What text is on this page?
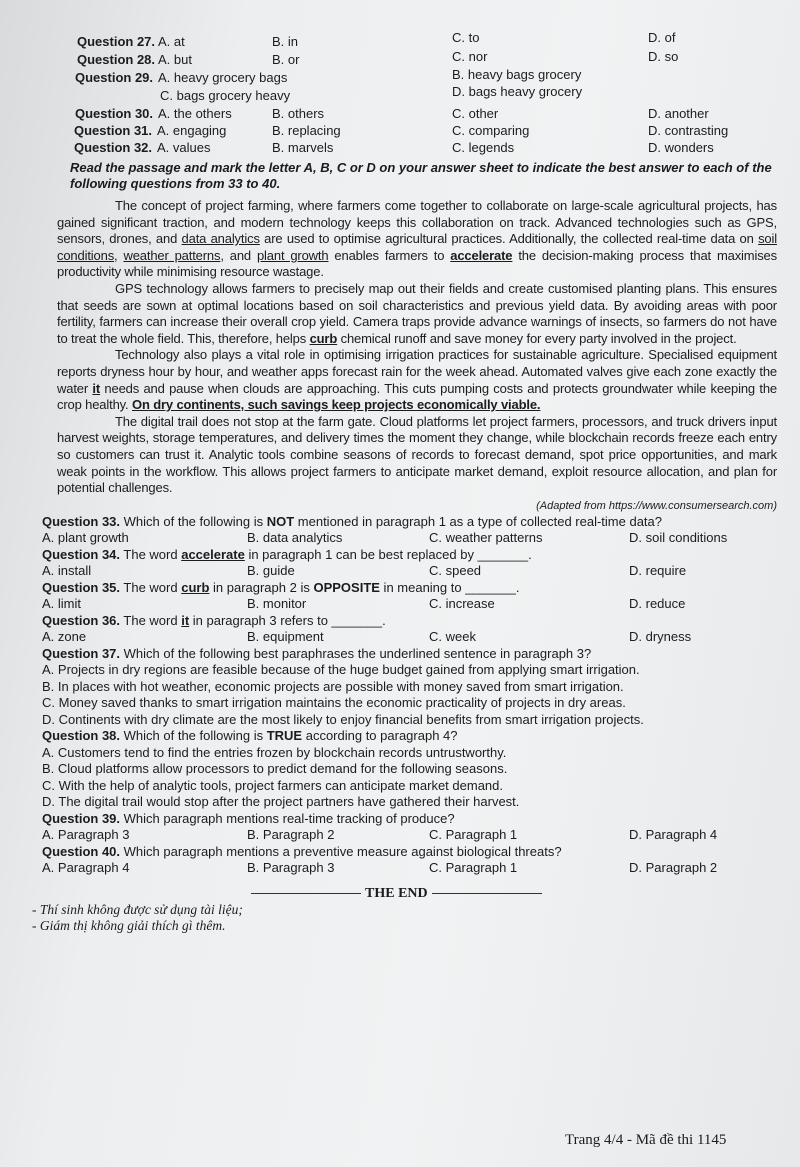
Question 27. A. at	B. in	C. to	D. of
Question 28. A. but	B. or	C. nor	D. so
Question 29. A. heavy grocery bags	B. heavy bags grocery
C. bags grocery heavy	D. bags heavy grocery
Question 30. A. the others	B. others	C. other	D. another
Question 31. A. engaging	B. replacing	C. comparing	D. contrasting
Question 32. A. values	B. marvels	C. legends	D. wonders
Read the passage and mark the letter A, B, C or D on your answer sheet to indicate the best answer to each of the following questions from 33 to 40.

The concept of project farming, where farmers come together to collaborate on large-scale agricultural projects, has gained significant traction, and modern technology keeps this collaboration on track. Advanced technologies such as GPS, sensors, drones, and data analytics are used to optimise agricultural practices. Additionally, the collected real-time data on soil conditions, weather patterns, and plant growth enables farmers to accelerate the decision-making process that maximises productivity while minimising resource wastage.

GPS technology allows farmers to precisely map out their fields and create customised planting plans. This ensures that seeds are sown at optimal locations based on soil characteristics and previous yield data. By avoiding areas with poor fertility, farmers can increase their overall crop yield. Camera traps provide advance warnings of insects, so farmers do not have to treat the whole field. This, therefore, helps curb chemical runoff and save money for every party involved in the project.

Technology also plays a vital role in optimising irrigation practices for sustainable agriculture. Specialised equipment reports dryness hour by hour, and weather apps forecast rain for the week ahead. Automated valves give each zone exactly the water it needs and pause when clouds are approaching. This cuts pumping costs and protects groundwater while keeping the crop healthy. On dry continents, such savings keep projects economically viable.

The digital trail does not stop at the farm gate. Cloud platforms let project farmers, processors, and truck drivers input harvest weights, storage temperatures, and delivery times the moment they change, while blockchain records freeze each entry so customers can trust it. Analytic tools combine seasons of records to forecast demand, spot price opportunities, and mark weak points in the workflow. This allows project farmers to anticipate market demand, exploit resource allocation, and plan for potential challenges.

(Adapted from https://www.consumersearch.com)
Question 33. Which of the following is NOT mentioned in paragraph 1 as a type of collected real-time data?
A. plant growth	B. data analytics	C. weather patterns	D. soil conditions
Question 34. The word accelerate in paragraph 1 can be best replaced by _______.
A. install	B. guide	C. speed	D. require
Question 35. The word curb in paragraph 2 is OPPOSITE in meaning to _______.
A. limit	B. monitor	C. increase	D. reduce
Question 36. The word it in paragraph 3 refers to _______.
A. zone	B. equipment	C. week	D. dryness
Question 37. Which of the following best paraphrases the underlined sentence in paragraph 3?
A. Projects in dry regions are feasible because of the huge budget gained from applying smart irrigation.
B. In places with hot weather, economic projects are possible with money saved from smart irrigation.
C. Money saved thanks to smart irrigation maintains the economic practicality of projects in dry areas.
D. Continents with dry climate are the most likely to enjoy financial benefits from smart irrigation projects.
Question 38. Which of the following is TRUE according to paragraph 4?
A. Customers tend to find the entries frozen by blockchain records untrustworthy.
B. Cloud platforms allow processors to predict demand for the following seasons.
C. With the help of analytic tools, project farmers can anticipate market demand.
D. The digital trail would stop after the project partners have gathered their harvest.
Question 39. Which paragraph mentions real-time tracking of produce?
A. Paragraph 3	B. Paragraph 2	C. Paragraph 1	D. Paragraph 4
Question 40. Which paragraph mentions a preventive measure against biological threats?
A. Paragraph 4	B. Paragraph 3	C. Paragraph 1	D. Paragraph 2
THE END
- Thí sinh không được sử dụng tài liệu;
- Giám thị không giải thích gì thêm.
Trang 4/4 - Mã đề thi 1145
